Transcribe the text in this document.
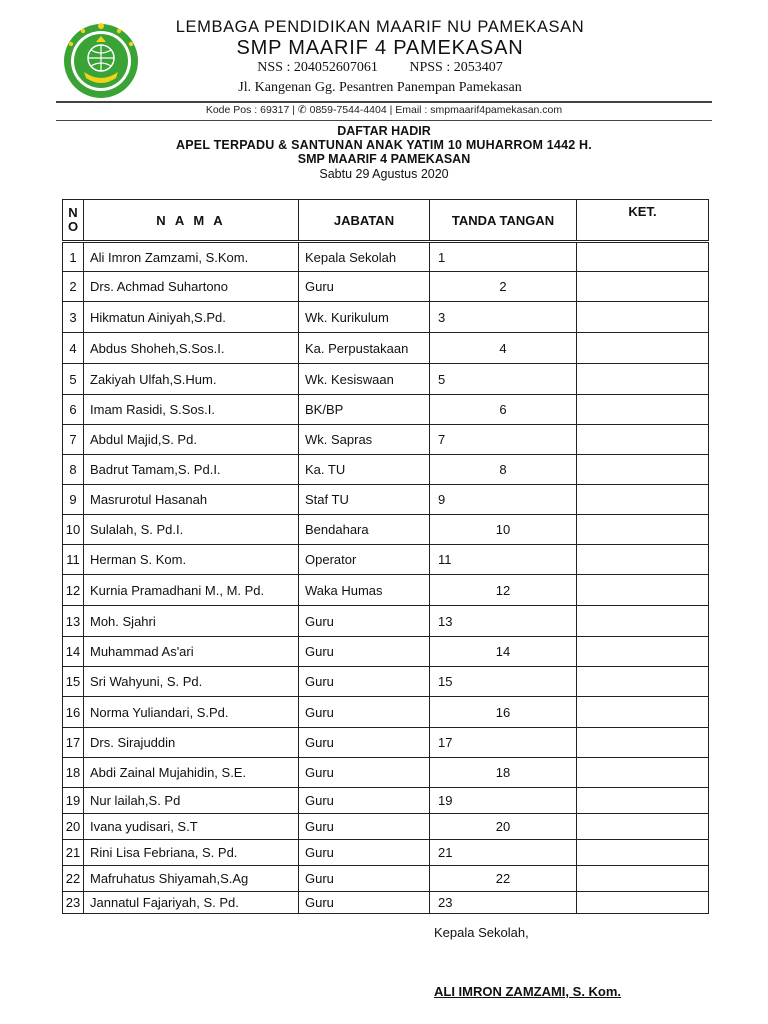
LEMBAGA PENDIDIKAN MAARIF NU PAMEKASAN
SMP MAARIF 4 PAMEKASAN
NSS : 204052607061 NPSS : 2053407
Jl. Kangenan Gg. Pesantren Panempan Pamekasan
Kode Pos : 69317 | ✆ 0859-7544-4404 | Email : smpmaarif4pamekasan.com
DAFTAR HADIR
APEL TERPADU & SANTUNAN ANAK YATIM 10 MUHARROM 1442 H.
SMP MAARIF 4 PAMEKASAN
Sabtu 29 Agustus 2020
N O	N A M A	JABATAN	TANDA TANGAN	KET.
1	Ali Imron Zamzami, S.Kom.	Kepala Sekolah	1	
2	Drs. Achmad Suhartono	Guru	2	
3	Hikmatun Ainiyah,S.Pd.	Wk. Kurikulum	3	
4	Abdus Shoheh,S.Sos.I.	Ka. Perpustakaan	4	
5	Zakiyah Ulfah,S.Hum.	Wk. Kesiswaan	5	
6	Imam Rasidi, S.Sos.I.	BK/BP	6	
7	Abdul Majid,S. Pd.	Wk. Sapras	7	
8	Badrut Tamam,S. Pd.I.	Ka. TU	8	
9	Masrurotul Hasanah	Staf TU	9	
10	Sulalah, S. Pd.I.	Bendahara	10	
11	Herman S. Kom.	Operator	11	
12	Kurnia Pramadhani M., M. Pd.	Waka Humas	12	
13	Moh. Sjahri	Guru	13	
14	Muhammad As'ari	Guru	14	
15	Sri Wahyuni, S. Pd.	Guru	15	
16	Norma Yuliandari, S.Pd.	Guru	16	
17	Drs. Sirajuddin	Guru	17	
18	Abdi Zainal Mujahidin, S.E.	Guru	18	
19	Nur lailah,S. Pd	Guru	19	
20	Ivana yudisari, S.T	Guru	20	
21	Rini Lisa Febriana, S. Pd.	Guru	21	
22	Mafruhatus Shiyamah,S.Ag	Guru	22	
23	Jannatul Fajariyah, S. Pd.	Guru	23	
Kepala Sekolah,
ALI IMRON ZAMZAMI, S. Kom.
